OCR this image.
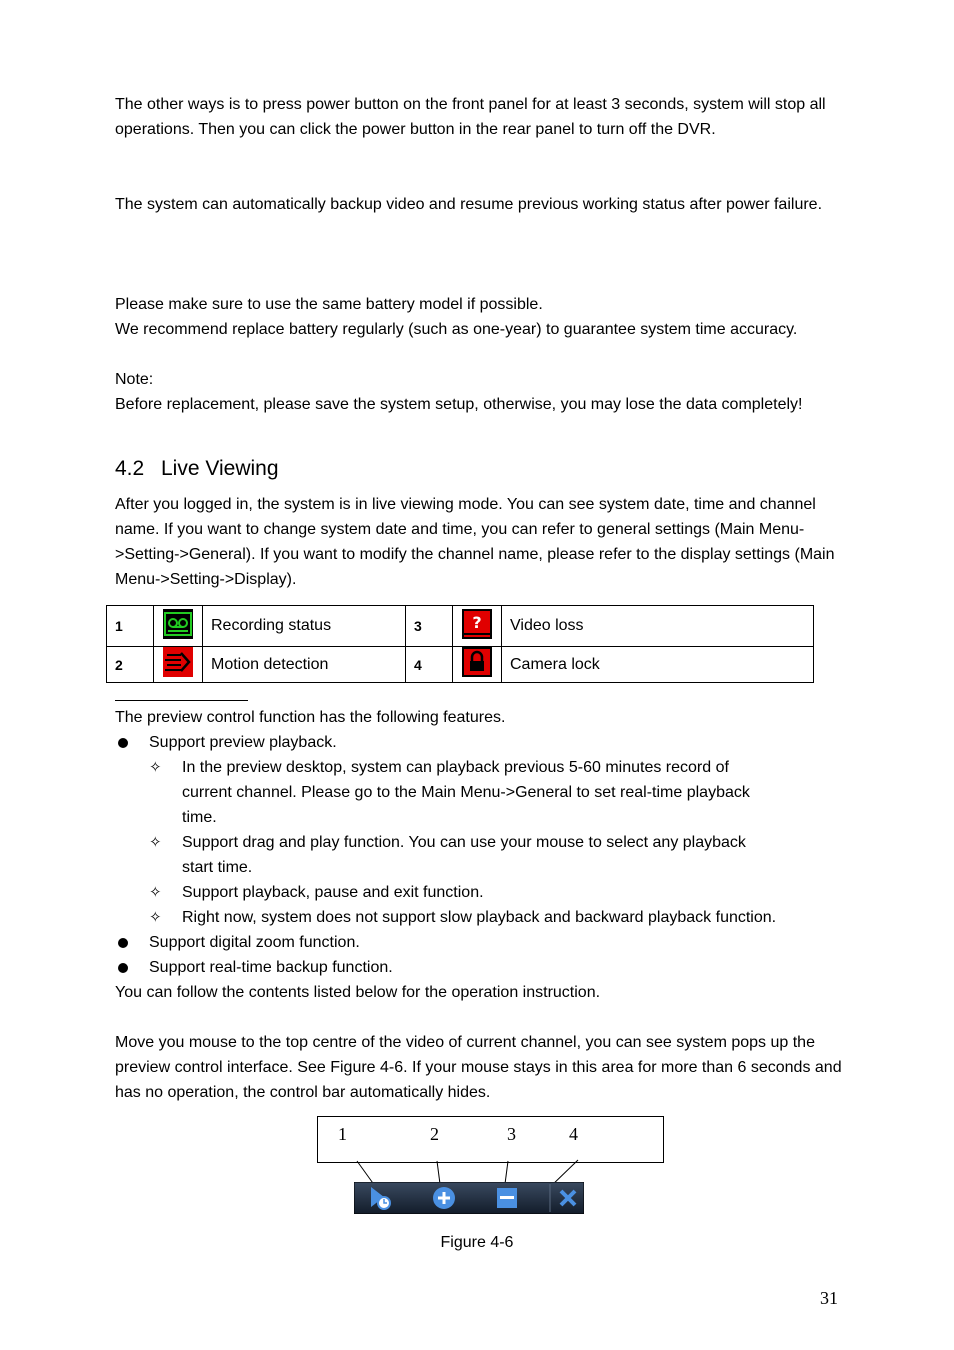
The other ways is to press power button on the front panel for at least 3 seconds, system will stop all operations. Then you can click the power button in the rear panel to turn off the DVR.

The system can automatically backup video and resume previous working status after power failure.

Please make sure to use the same battery model if possible.

We recommend replace battery regularly (such as one-year) to guarantee system time accuracy.

Note:

Before replacement, please save the system setup, otherwise, you may lose the data completely!

4.2 Live Viewing

After you logged in, the system is in live viewing mode. You can see system date, time and channel name. If you want to change system date and time, you can refer to general settings (Main Menu->Setting->General). If you want to modify the channel name, please refer to the display settings (Main Menu->Setting->Display).

1		Recording status	3	?	Video loss
2		Motion detection	4		Camera lock

The preview control function has the following features.

Support preview playback.

✧ In the preview desktop, system can playback previous 5-60 minutes record of

current channel. Please go to the Main Menu->General to set real-time playback

time.

✧ Support drag and play function. You can use your mouse to select any playback

start time.

✧ Support playback, pause and exit function.

✧ Right now, system does not support slow playback and backward playback function.

Support digital zoom function.

Support real-time backup function.

You can follow the contents listed below for the operation instruction.

Move you mouse to the top centre of the video of current channel, you can see system pops up the preview control interface. See Figure 4-6. If your mouse stays in this area for more than 6 seconds and has no operation, the control bar automatically hides.

1	2	3	4
Figure 4-6
31
